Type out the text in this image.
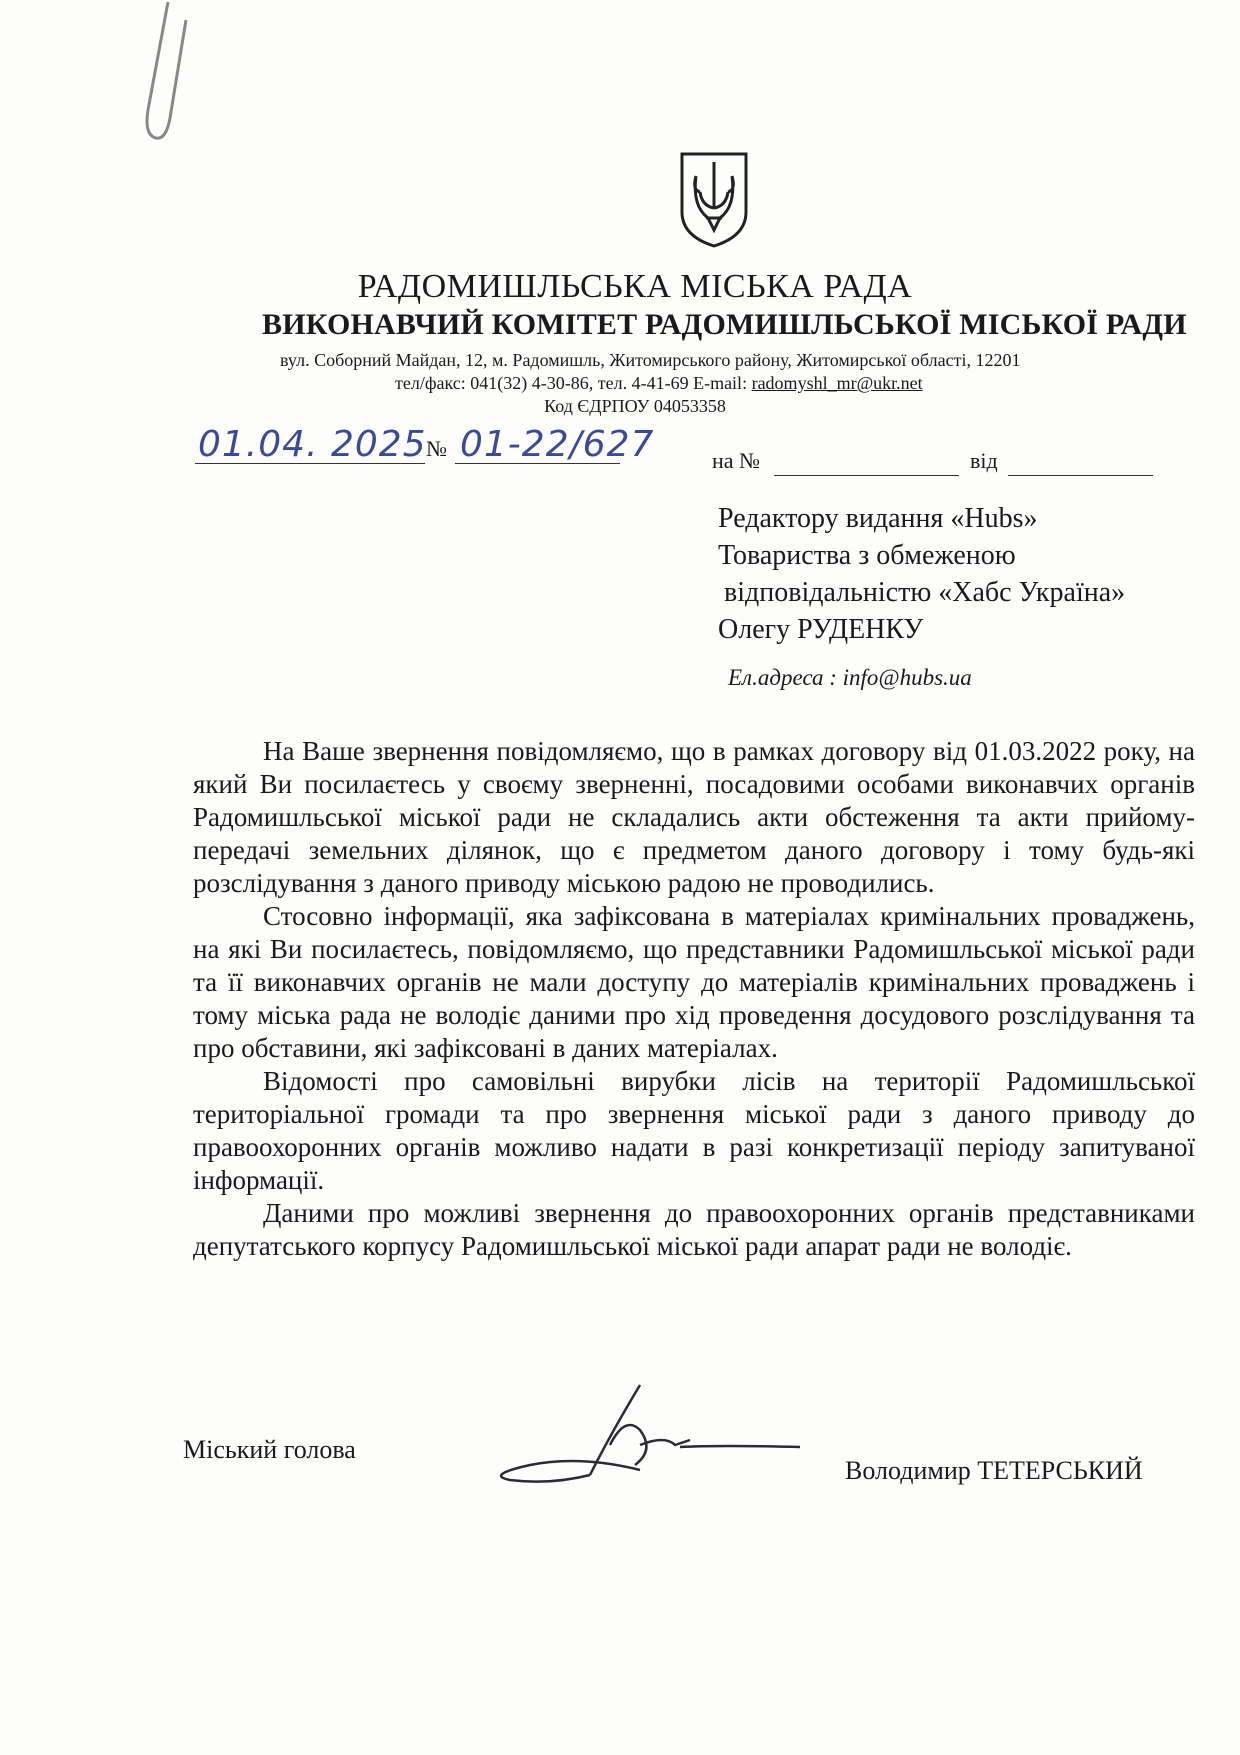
РАДОМИШЛЬСЬКА МІСЬКА РАДА
ВИКОНАВЧИЙ КОМІТЕТ РАДОМИШЛЬСЬКОЇ МІСЬКОЇ РАДИ
вул. Соборний Майдан, 12, м. Радомишль, Житомирського району, Житомирської області, 12201
тел/факс: 041(32) 4-30-86, тел. 4-41-69 E-mail: radomyshl_mr@ukr.net
Код ЄДРПОУ 04053358
01.04. 2025 № 01-22/627	на №	від
Редактору видання «Hubs»
Товариства з обмеженою
відповідальністю «Хабс Україна»
Олегу РУДЕНКУ
Ел.адреса : info@hubs.ua

На Ваше звернення повідомляємо, що в рамках договору від 01.03.2022 року, на який Ви посилаєтесь у своєму зверненні, посадовими особами виконавчих органів Радомишльської міської ради не складались акти обстеження та акти прийому-передачі земельних ділянок, що є предметом даного договору і тому будь-які розслідування з даного приводу міською радою не проводились.

Стосовно інформації, яка зафіксована в матеріалах кримінальних проваджень, на які Ви посилаєтесь, повідомляємо, що представники Радомишльської міської ради та її виконавчих органів не мали доступу до матеріалів кримінальних проваджень і тому міська рада не володіє даними про хід проведення досудового розслідування та про обставини, які зафіксовані в даних матеріалах.

Відомості про самовільні вирубки лісів на території Радомишльської територіальної громади та про звернення міської ради з даного приводу до правоохоронних органів можливо надати в разі конкретизації періоду запитуваної інформації.

Даними про можливі звернення до правоохоронних органів представниками депутатського корпусу Радомишльської міської ради апарат ради не володіє.

Міський голова
Володимир ТЕТЕРСЬКИЙ
